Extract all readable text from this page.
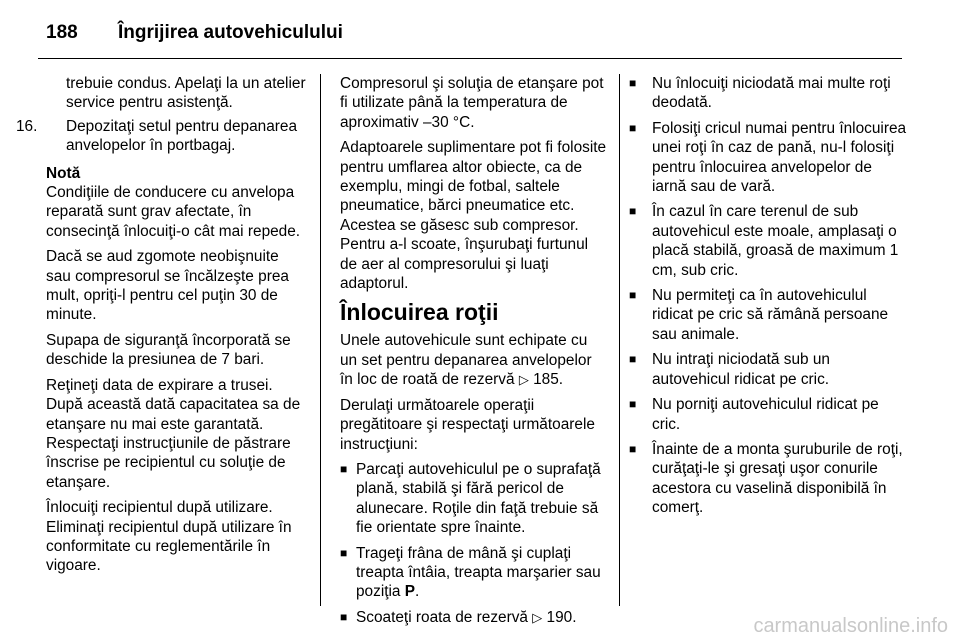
188 Îngrijirea autovehiculului

trebuie condus. Apelaţi la un atelier service pentru asistenţă.

16. Depozitaţi setul pentru depanarea anvelopelor în portbagaj.

Notă

Condiţiile de conducere cu anvelopa reparată sunt grav afectate, în consecinţă înlocuiţi-o cât mai repede.

Dacă se aud zgomote neobişnuite sau compresorul se încălzeşte prea mult, opriţi-l pentru cel puţin 30 de minute.

Supapa de siguranţă încorporată se deschide la presiunea de 7 bari.

Reţineţi data de expirare a trusei. După această dată capacitatea sa de etanşare nu mai este garantată. Respectaţi instrucţiunile de păstrare înscrise pe recipientul cu soluţie de etanşare.

Înlocuiţi recipientul după utilizare. Eliminaţi recipientul după utilizare în conformitate cu reglementările în vigoare.

Compresorul şi soluţia de etanşare pot fi utilizate până la temperatura de aproximativ –30 °C.

Adaptoarele suplimentare pot fi folosite pentru umflarea altor obiecte, ca de exemplu, mingi de fotbal, saltele pneumatice, bărci pneumatice etc. Acestea se găsesc sub compresor. Pentru a-l scoate, înşurubaţi furtunul de aer al compresorului şi luaţi adaptorul.

Înlocuirea roţii

Unele autovehicule sunt echipate cu un set pentru depanarea anvelopelor în loc de roată de rezervă ▷ 185.

Derulaţi următoarele operaţii pregătitoare şi respectaţi următoarele instrucţiuni:

■ Parcaţi autovehiculul pe o suprafaţă plană, stabilă şi fără pericol de alunecare. Roţile din faţă trebuie să fie orientate spre înainte.
■ Trageţi frâna de mână şi cuplaţi treapta întâia, treapta marşarier sau poziţia P.
■ Scoateţi roata de rezervă ▷ 190.
■ Nu înlocuiţi niciodată mai multe roţi deodată.
■ Folosiţi cricul numai pentru înlocuirea unei roţi în caz de pană, nu-l folosiţi pentru înlocuirea anvelopelor de iarnă sau de vară.
■ În cazul în care terenul de sub autovehicul este moale, amplasaţi o placă stabilă, groasă de maximum 1 cm, sub cric.
■ Nu permiteţi ca în autovehiculul ridicat pe cric să rămână persoane sau animale.
■ Nu intraţi niciodată sub un autovehicul ridicat pe cric.
■ Nu porniţi autovehiculul ridicat pe cric.
■ Înainte de a monta şuruburile de roţi, curăţaţi-le şi gresaţi uşor conurile acestora cu vaselină disponibilă în comerţ.
carmanualsonline.info
